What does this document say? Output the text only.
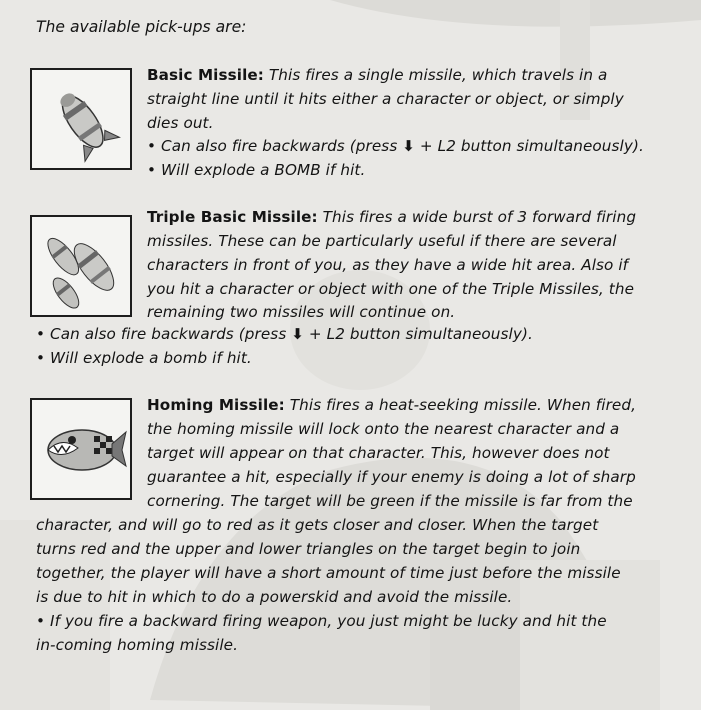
The available pick-ups are:
Basic Missile: This fires a single missile, which travels in a
straight line until it hits either a character or object, or simply
dies out.
• Can also fire backwards (press ⬇ + L2 button simultaneously).
• Will explode a BOMB if hit.
Triple Basic Missile: This fires a wide burst of 3 forward firing
missiles. These can be particularly useful if there are several
characters in front of you, as they have a wide hit area. Also if
you hit a character or object with one of the Triple Missiles, the
remaining two missiles will continue on.
• Can also fire backwards (press ⬇ + L2 button simultaneously).
• Will explode a bomb if hit.
Homing Missile: This fires a heat-seeking missile. When fired,
the homing missile will lock onto the nearest character and a
target will appear on that character. This, however does not
guarantee a hit, especially if your enemy is doing a lot of sharp
cornering. The target will be green if the missile is far from the
character, and will go to red as it gets closer and closer. When the target
turns red and the upper and lower triangles on the target begin to join
together, the player will have a short amount of time just before the missile
is due to hit in which to do a powerskid and avoid the missile.
• If you fire a backward firing weapon, you just might be lucky and hit the
in-coming homing missile.
